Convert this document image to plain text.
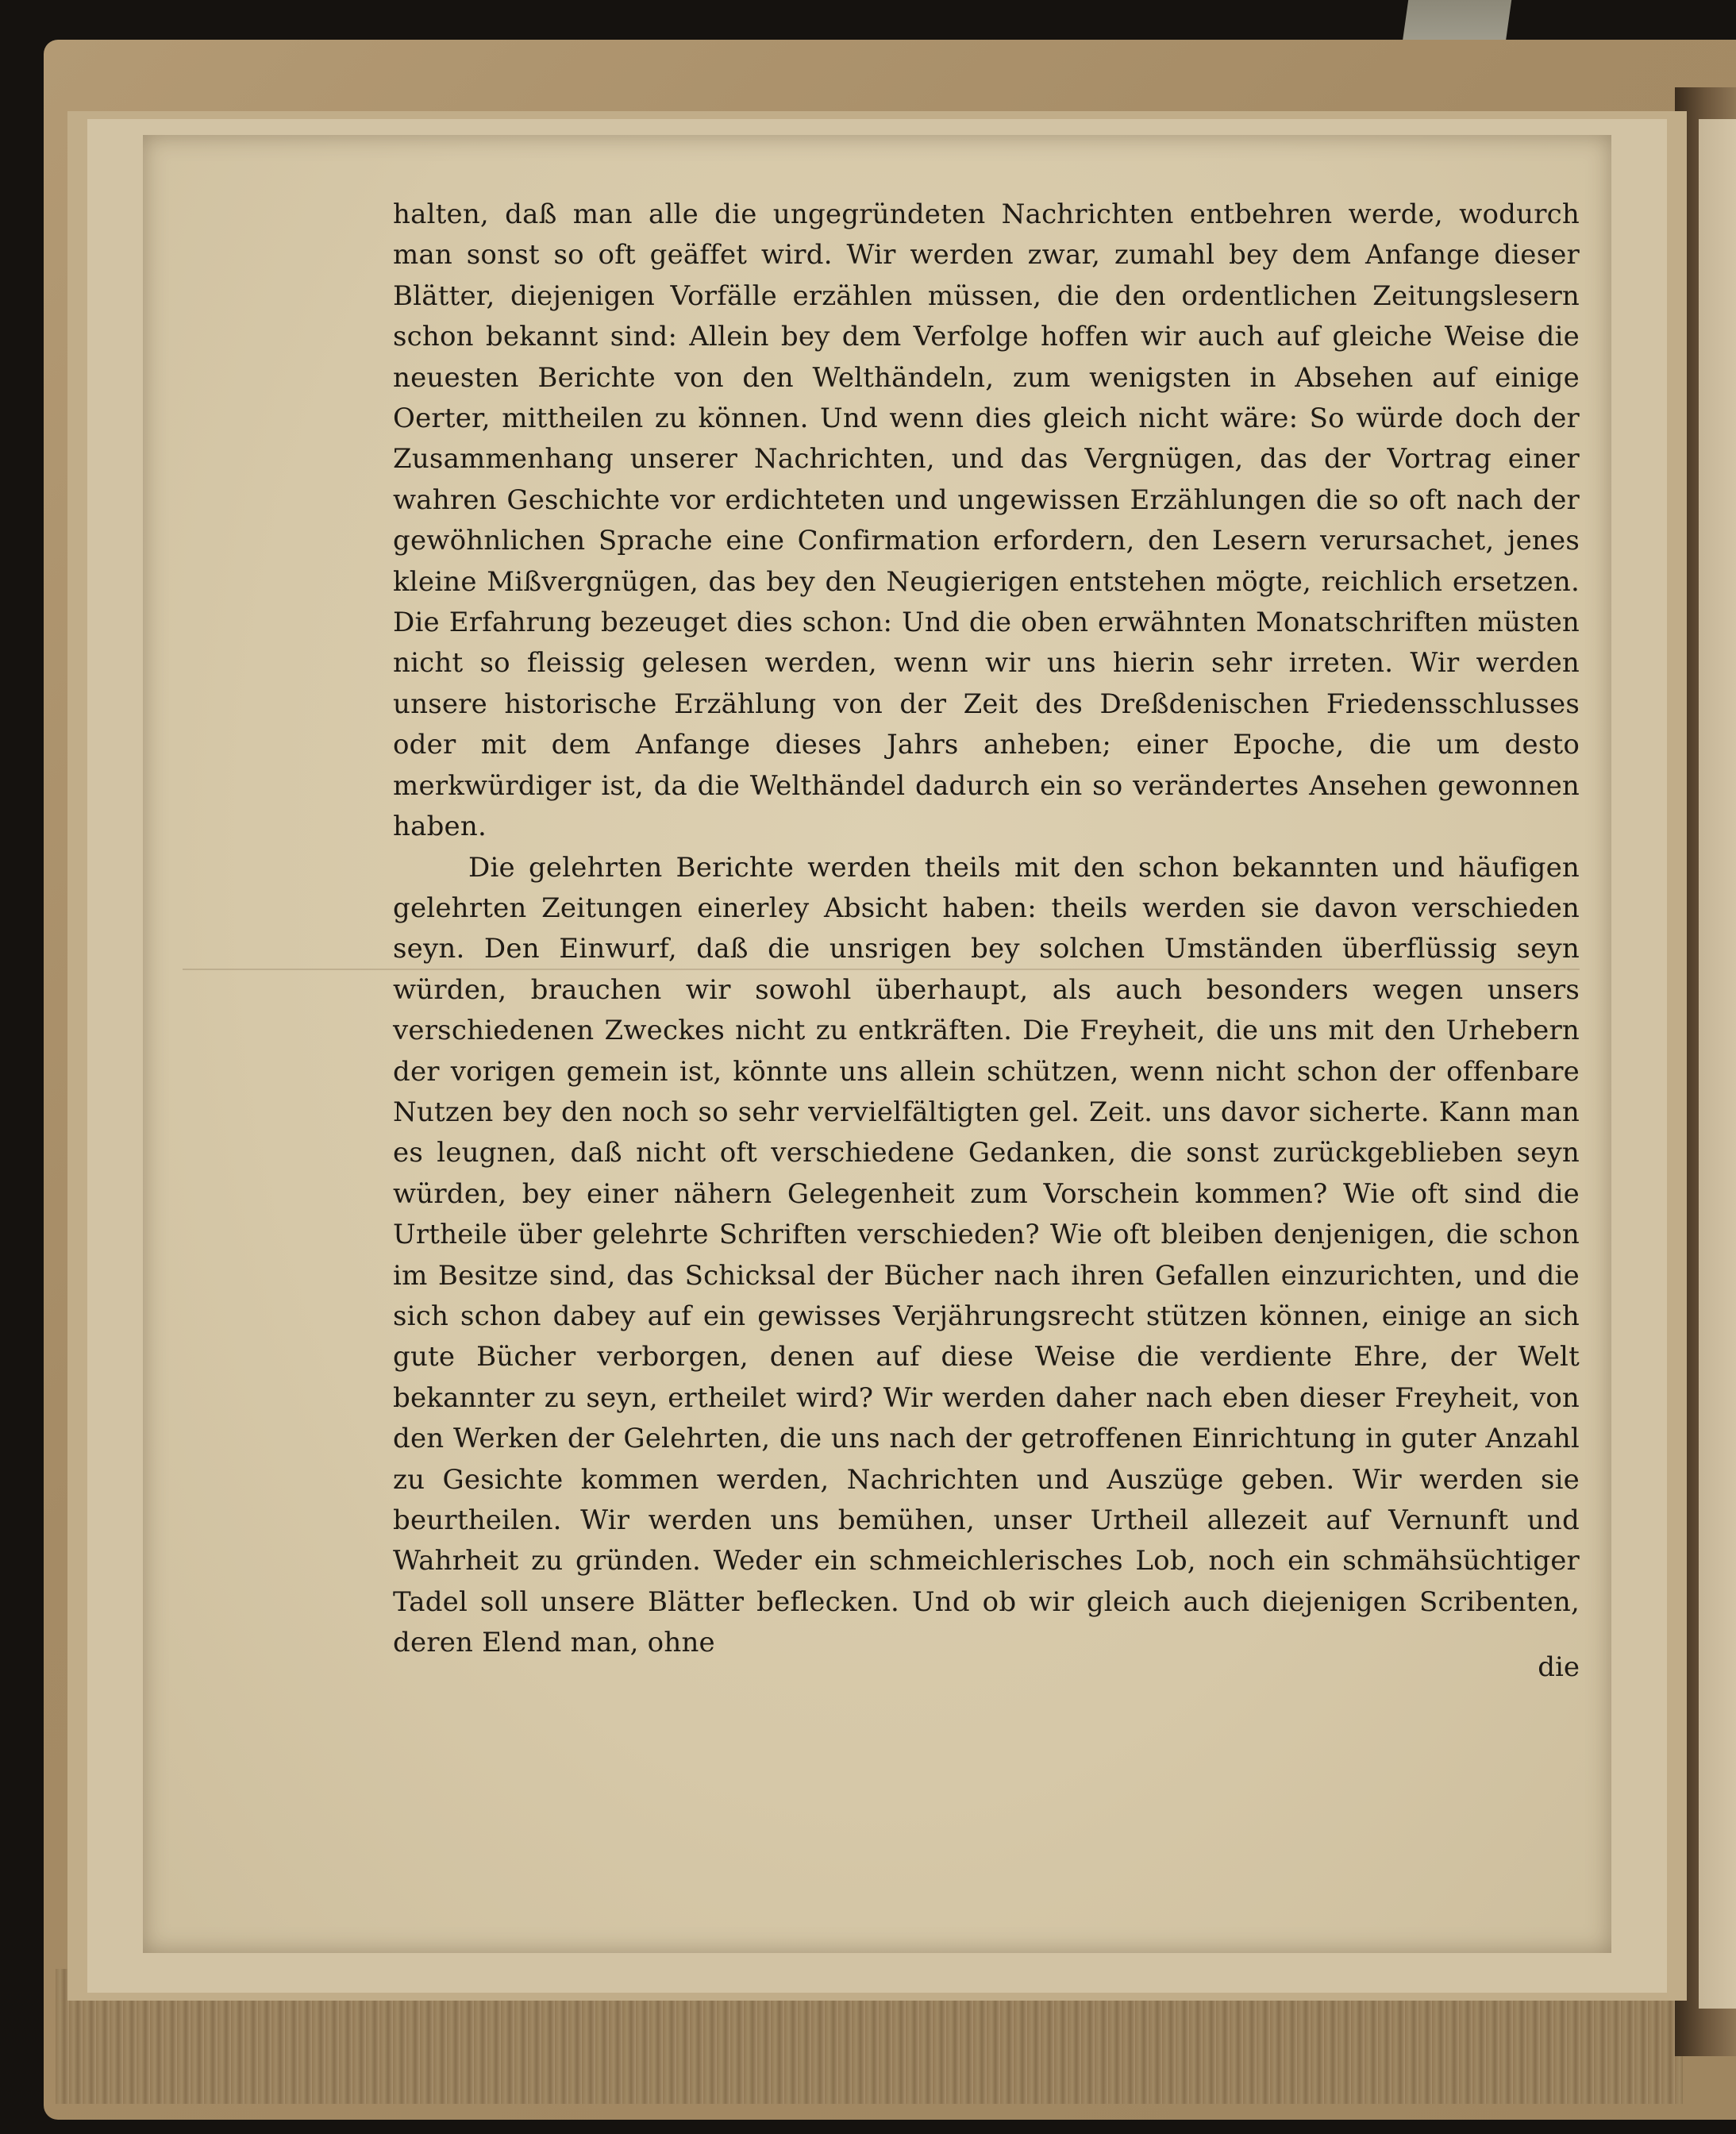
halten, daß man alle die ungegründeten Nachrichten entbehren werde, wodurch man sonst so oft geäffet wird. Wir werden zwar, zumahl bey dem Anfange dieser Blätter, diejenigen Vorfälle erzählen müssen, die den ordentlichen Zeitungslesern schon bekannt sind: Allein bey dem Verfolge hoffen wir auch auf gleiche Weise die neuesten Berichte von den Welthändeln, zum wenigsten in Absehen auf einige Oerter, mittheilen zu können. Und wenn dies gleich nicht wäre: So würde doch der Zusammenhang unserer Nachrichten, und das Vergnügen, das der Vortrag einer wahren Geschichte vor erdichteten und ungewissen Erzählungen die so oft nach der gewöhnlichen Sprache eine Confirmation erfordern, den Lesern verursachet, jenes kleine Mißvergnügen, das bey den Neugierigen entstehen mögte, reichlich ersetzen. Die Erfahrung bezeuget dies schon: Und die oben erwähnten Monatschriften müsten nicht so fleissig gelesen werden, wenn wir uns hierin sehr irreten. Wir werden unsere historische Erzählung von der Zeit des Dreßdenischen Friedensschlusses oder mit dem Anfange dieses Jahrs anheben; einer Epoche, die um desto merkwürdiger ist, da die Welthändel dadurch ein so verändertes Ansehen gewonnen haben.

Die gelehrten Berichte werden theils mit den schon bekannten und häufigen gelehrten Zeitungen einerley Absicht haben: theils werden sie davon verschieden seyn. Den Einwurf, daß die unsrigen bey solchen Umständen überflüssig seyn würden, brauchen wir sowohl überhaupt, als auch besonders wegen unsers verschiedenen Zweckes nicht zu entkräften. Die Freyheit, die uns mit den Urhebern der vorigen gemein ist, könnte uns allein schützen, wenn nicht schon der offenbare Nutzen bey den noch so sehr vervielfältigten gel. Zeit. uns davor sicherte. Kann man es leugnen, daß nicht oft verschiedene Gedanken, die sonst zurückgeblieben seyn würden, bey einer nähern Gelegenheit zum Vorschein kommen? Wie oft sind die Urtheile über gelehrte Schriften verschieden? Wie oft bleiben denjenigen, die schon im Besitze sind, das Schicksal der Bücher nach ihren Gefallen einzurichten, und die sich schon dabey auf ein gewisses Verjährungsrecht stützen können, einige an sich gute Bücher verborgen, denen auf diese Weise die verdiente Ehre, der Welt bekannter zu seyn, ertheilet wird? Wir werden daher nach eben dieser Freyheit, von den Werken der Gelehrten, die uns nach der getroffenen Einrichtung in guter Anzahl zu Gesichte kommen werden, Nachrichten und Auszüge geben. Wir werden sie beurtheilen. Wir werden uns bemühen, unser Urtheil allezeit auf Vernunft und Wahrheit zu gründen. Weder ein schmeichlerisches Lob, noch ein schmähsüchtiger Tadel soll unsere Blätter beflecken. Und ob wir gleich auch diejenigen Scribenten, deren Elend man, ohne

die
